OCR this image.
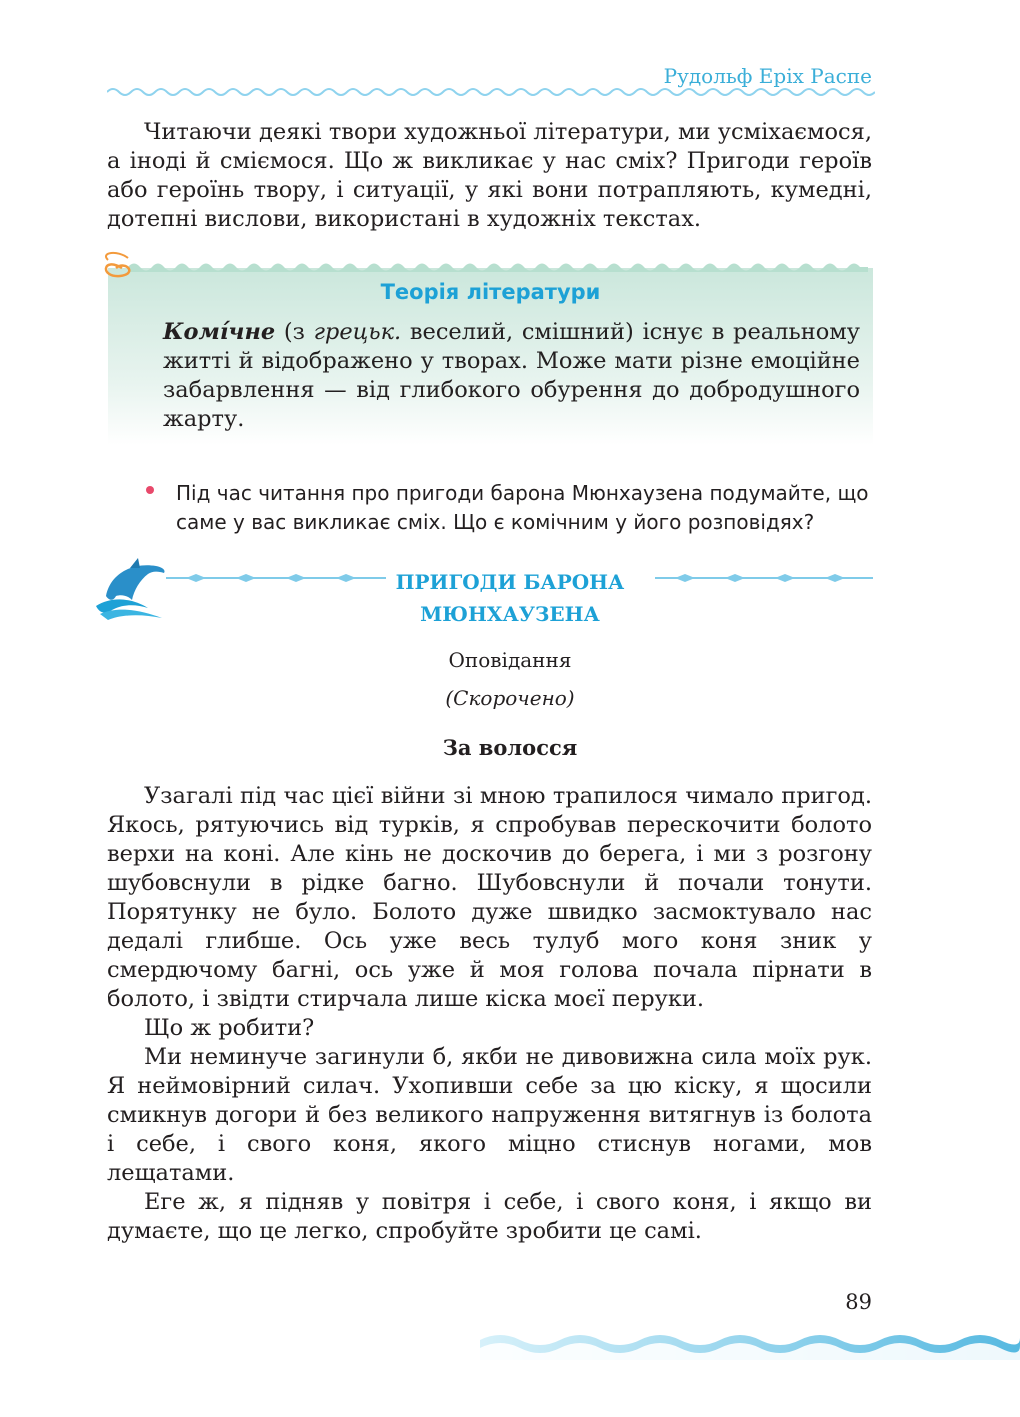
Рудольф Еріх Распе
Читаючи деякі твори художньої літератури, ми усміхаємося, а іноді й сміємося. Що ж викликає у нас сміх? Пригоди героїв або героїнь твору, і ситуації, у які вони потрапляють, кумедні, дотепні вислови, використані в художніх текстах.
Теорія літератури
Комі́чне (з грецьк. веселий, смішний) існує в реальному житті й відображено у творах. Може мати різне емоційне забарвлення — від глибокого обурення до добродушного жарту.
Під час читання про пригоди барона Мюнхаузена подумайте, що саме у вас викликає сміх. Що є комічним у його розповідях?
ПРИГОДИ БАРОНА
МЮНХАУЗЕНА
Оповідання
(Скорочено)
За волосся

Узагалі під час цієї війни зі мною трапилося чимало пригод. Якось, рятуючись від турків, я спробував перескочити болото верхи на коні. Але кінь не доскочив до берега, і ми з розгону шубовснули в рідке багно. Шубовснули й почали тонути. Порятунку не було. Болото дуже швидко засмоктувало нас дедалі глибше. Ось уже весь тулуб мого коня зник у смердючому багні, ось уже й моя голова почала пірнати в болото, і звідти стирчала лише кіска моєї перуки.

Що ж робити?

Ми неминуче загинули б, якби не дивовижна сила моїх рук. Я неймовірний силач. Ухопивши себе за цю кіску, я щосили смикнув догори й без великого напруження витягнув із болота і себе, і свого коня, якого міцно стиснув ногами, мов лещатами.

Еге ж, я підняв у повітря і себе, і свого коня, і якщо ви думаєте, що це легко, спробуйте зробити це самі.

89
